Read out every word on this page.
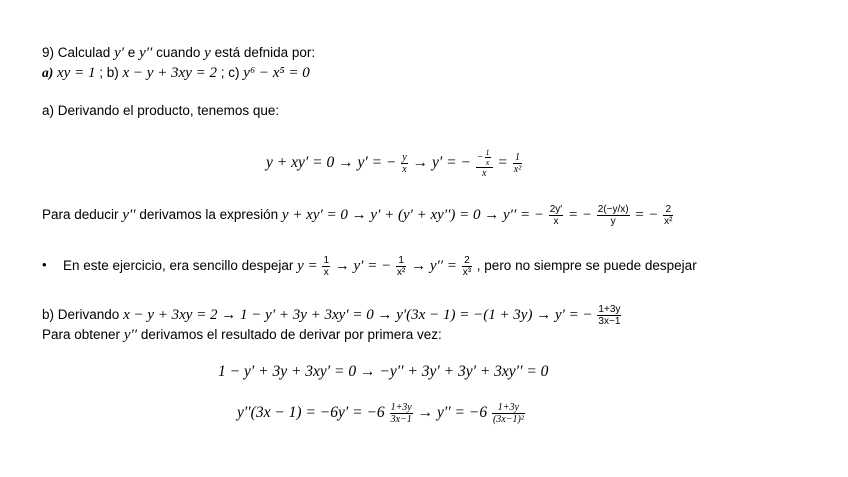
9) Calculad y′ e y′′ cuando y está defnida por:
a) xy = 1 ; b) x − y + 3xy = 2 ; c) y⁶ − x⁵ = 0
a) Derivando el producto, tenemos que:
y + xy′ = 0 → y′ = − $\frac{y}{x} \to y'$ = − $\frac{- \frac{1}{x}}{x} = \frac{1}{\text{x²}}$
Para deducir y′′ derivamos la expresión y + xy′ = 0 → y′ + (y′ + xy′′) = 0 → y′′ = − $\frac{2y'}{x}$ = − $\frac{2(-y/x)}{y}$ = − $\frac{2}{\text{x²}}$
• En este ejercicio, era sencillo despejar $y = \frac{1}{x} \to y'$ = − $\frac{1}{\text{x²}} \to y'' = \frac{2}{\text{x³}}$ , pero no siempre se puede despejar
b) Derivando x − y + 3xy = 2 → 1 − y′ + 3y + 3xy′ = 0 → y′(3x − 1) = −(1 + 3y) → y′ = − $\frac{1+3y}{3x-1}$
Para obtener y′′ derivamos el resultado de derivar por primera vez:
1 − y′ + 3y + 3xy′ = 0 → −y′′ + 3y′ + 3y′ + 3xy′′ = 0
$y''(3x - 1) = -6y' = -6 \frac{1+3y}{3x-1} \to y'' = -6 \frac{1+3y}{\text{(3x−1)²}}$
